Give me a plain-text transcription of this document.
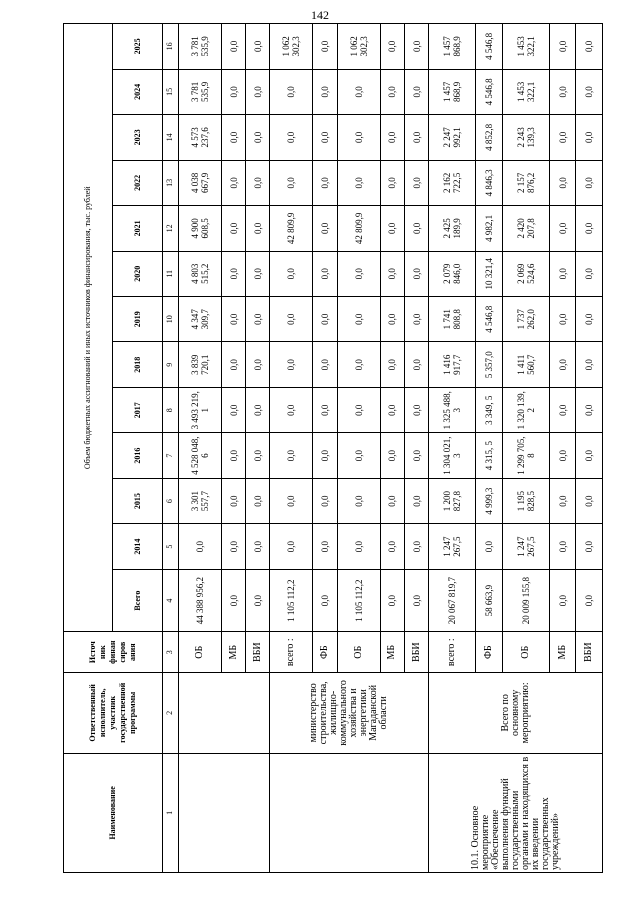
142
Наименование	Ответственный исполнитель, участник государственной программы	Источ ник финан сиров ания	Объем бюджетных ассигнований и иных источников финансирования, тыс. рублей												
			Всего	2014	2015	2016	2017	2018	2019	2020	2021	2022	2023	2024	2025
1	2	3	4	5	6	7	8	9	10	11	12	13	14	15	16
		ОБ	44 388 956,2	0,0	3 301 557,7	4 528 048, 6	3 493 219, 1	3 839 720,1	4 347 309,7	4 803 515,2	4 900 608,5	4 038 667,9	4 573 237,6	3 781 535,9	3 781 535,9
		МБ	0,0	0,0	0,0	0,0	0,0	0,0	0,0	0,0	0,0	0,0	0,0	0,0	0,0
		ВБИ	0,0	0,0	0,0	0,0	0,0	0,0	0,0	0,0	0,0	0,0	0,0	0,0	0,0
	министерство строительства, жилищно-коммунального хозяйства и энергетики Магаданской области	всего :	1 105 112,2	0,0	0,0	0,0	0,0	0,0	0,0	0,0	42 809,9	0,0	0,0	0,0	1 062 302,3
		ФБ	0,0	0,0	0,0	0,0	0,0	0,0	0,0	0,0	0,0	0,0	0,0	0,0	0,0
		ОБ	1 105 112,2	0,0	0,0	0,0	0,0	0,0	0,0	0,0	42 809,9	0,0	0,0	0,0	1 062 302,3
		МБ	0,0	0,0	0,0	0,0	0,0	0,0	0,0	0,0	0,0	0,0	0,0	0,0	0,0
		ВБИ	0,0	0,0	0,0	0,0	0,0	0,0	0,0	0,0	0,0	0,0	0,0	0,0	0,0
10.1. Основное мероприятие «Обеспечение выполнения функций государственными органами и находящихся в их введении государственных учреждений»	Всего по основному мероприятию:	всего :	20 067 819,7	1 247 267,5	1 200 827,8	1 304 021, 3	1 325 488, 3	1 416 917,7	1 741 808,8	2 079 846,0	2 425 189,9	2 162 722,5	2 247 992,1	1 457 868,9	1 457 868,9
		ФБ	58 663,9	0,0	4 999,3	4 315, 5	3 349, 5	5 357,0	4 546,8	10 321,4	4 982,1	4 846,3	4 852,8	4 546,8	4 546,8
		ОБ	20 009 155,8	1 247 267,5	1 195 828,5	1 299 705, 8	1 320 139, 2	1 411 560,7	1 737 262,0	2 069 524,6	2 420 207,8	2 157 876,2	2 243 139,3	1 453 322,1	1 453 322,1
		МБ	0,0	0,0	0,0	0,0	0,0	0,0	0,0	0,0	0,0	0,0	0,0	0,0	0,0
		ВБИ	0,0	0,0	0,0	0,0	0,0	0,0	0,0	0,0	0,0	0,0	0,0	0,0	0,0
